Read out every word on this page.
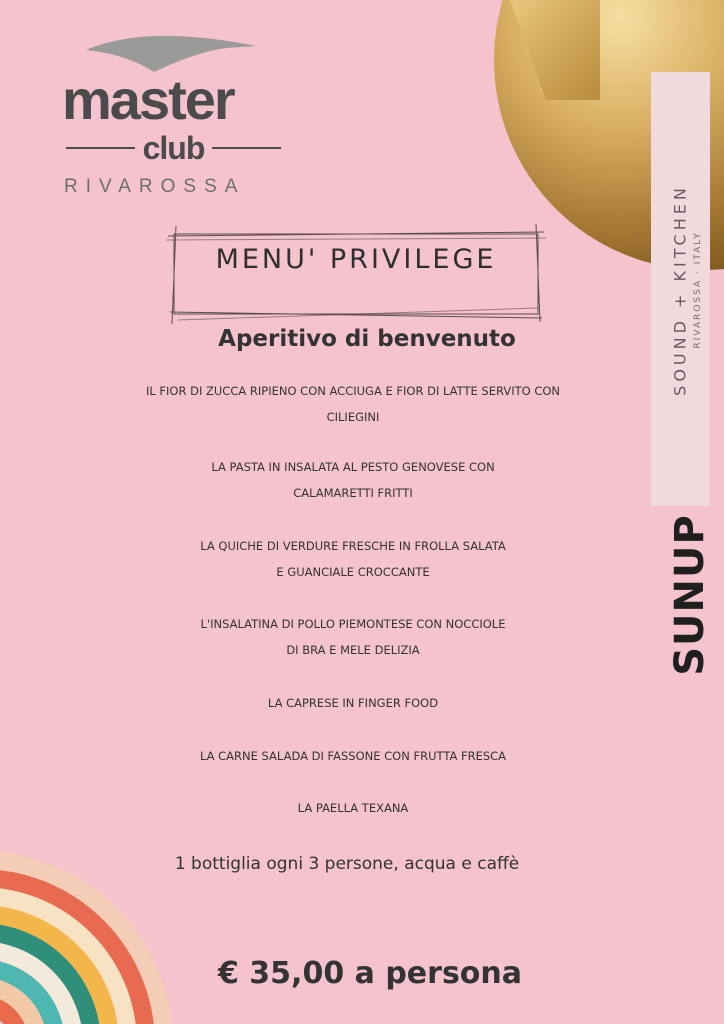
SOUND + KITCHEN RIVAROSSA · ITALY
SUNUP
master
club
RIVAROSSA
MENU' PRIVILEGE
Aperitivo di benvenuto
IL FIOR DI ZUCCA RIPIENO CON ACCIUGA E FIOR DI LATTE SERVITO CON
CILIEGINI
LA PASTA IN INSALATA AL PESTO GENOVESE CON
CALAMARETTI FRITTI
LA QUICHE DI VERDURE FRESCHE IN FROLLA SALATA
E GUANCIALE CROCCANTE
L'INSALATINA DI POLLO PIEMONTESE CON NOCCIOLE
DI BRA E MELE DELIZIA
LA CAPRESE IN FINGER FOOD
LA CARNE SALADA DI FASSONE CON FRUTTA FRESCA
LA PAELLA TEXANA
1 bottiglia ogni 3 persone, acqua e caffè
€ 35,00 a persona
